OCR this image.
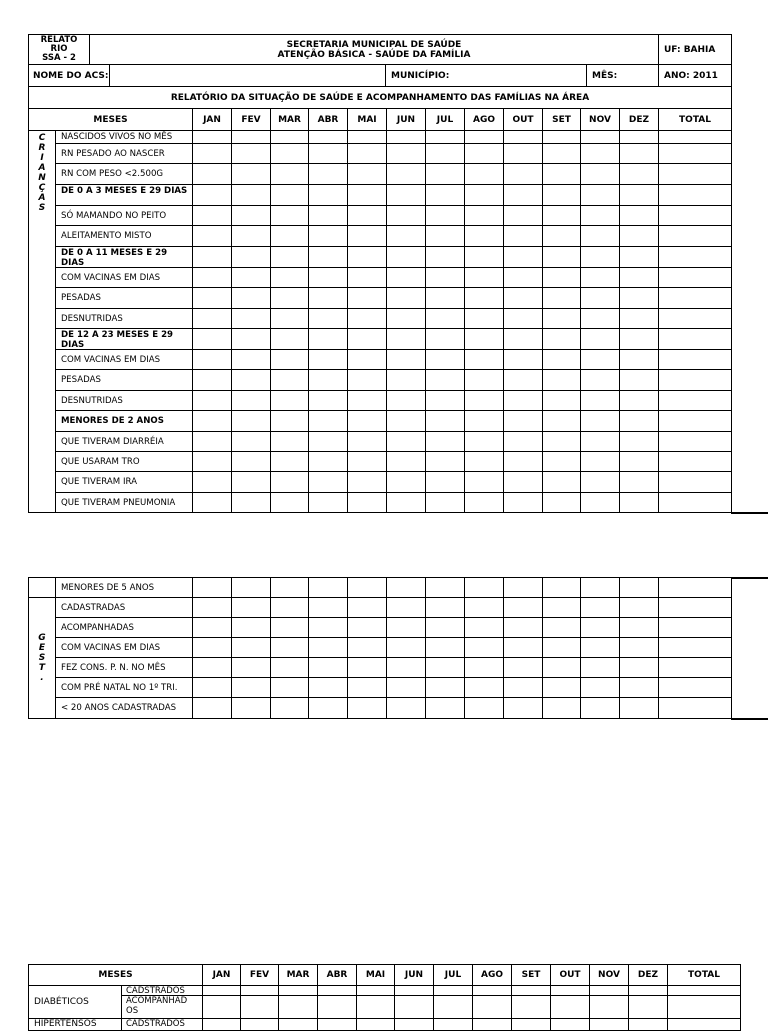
RELATÓ
RIO
SSA - 2
SECRETARIA MUNICIPAL DE SAÚDE
ATENÇÃO BÁSICA - SAÚDE DA FAMÍLIA	UF: BAHIA
NOME DO ACS:	MUNICÍPIO:	MÊS:	ANO: 2011
RELATÓRIO DA SITUAÇÃO DE SAÚDE E ACOMPANHAMENTO DAS FAMÍLIAS NA ÁREA
MESES	JAN	FEV	MAR	ABR	MAI	JUN	JUL	AGO	OUT	SET	NOV	DEZ	TOTAL
C
R
I
A
N
Ç
A
S
NASCIDOS VIVOS NO MÊS
RN PESADO AO NASCER
RN COM PESO <2.500G
DE 0 A 3 MESES E 29 DIAS
SÓ MAMANDO NO PEITO
ALEITAMENTO MISTO
DE 0 A 11 MESES E 29 DIAS
COM VACINAS EM DIAS
PESADAS
DESNUTRIDAS
DE 12 A 23 MESES E 29 DIAS
COM VACINAS EM DIAS
PESADAS
DESNUTRIDAS
MENORES DE 2 ANOS
QUE TIVERAM DIARRÉIA
QUE USARAM TRO
QUE TIVERAM IRA
QUE TIVERAM PNEUMONIA
MENORES DE 5 ANOS
G
E
S
T
.
CADASTRADAS
ACOMPANHADAS
COM VACINAS EM DIAS
FEZ CONS. P. N. NO MÊS
COM PRÉ NATAL NO 1º TRI.
< 20 ANOS CADASTRADAS
MESES	JAN	FEV	MAR	ABR	MAI	JUN	JUL	AGO	SET	OUT	NOV	DEZ	TOTAL
DIABÉTICOS
CADSTRADOS
ACOMPANHAD
OS
HIPERTENSOS	CADSTRADOS
